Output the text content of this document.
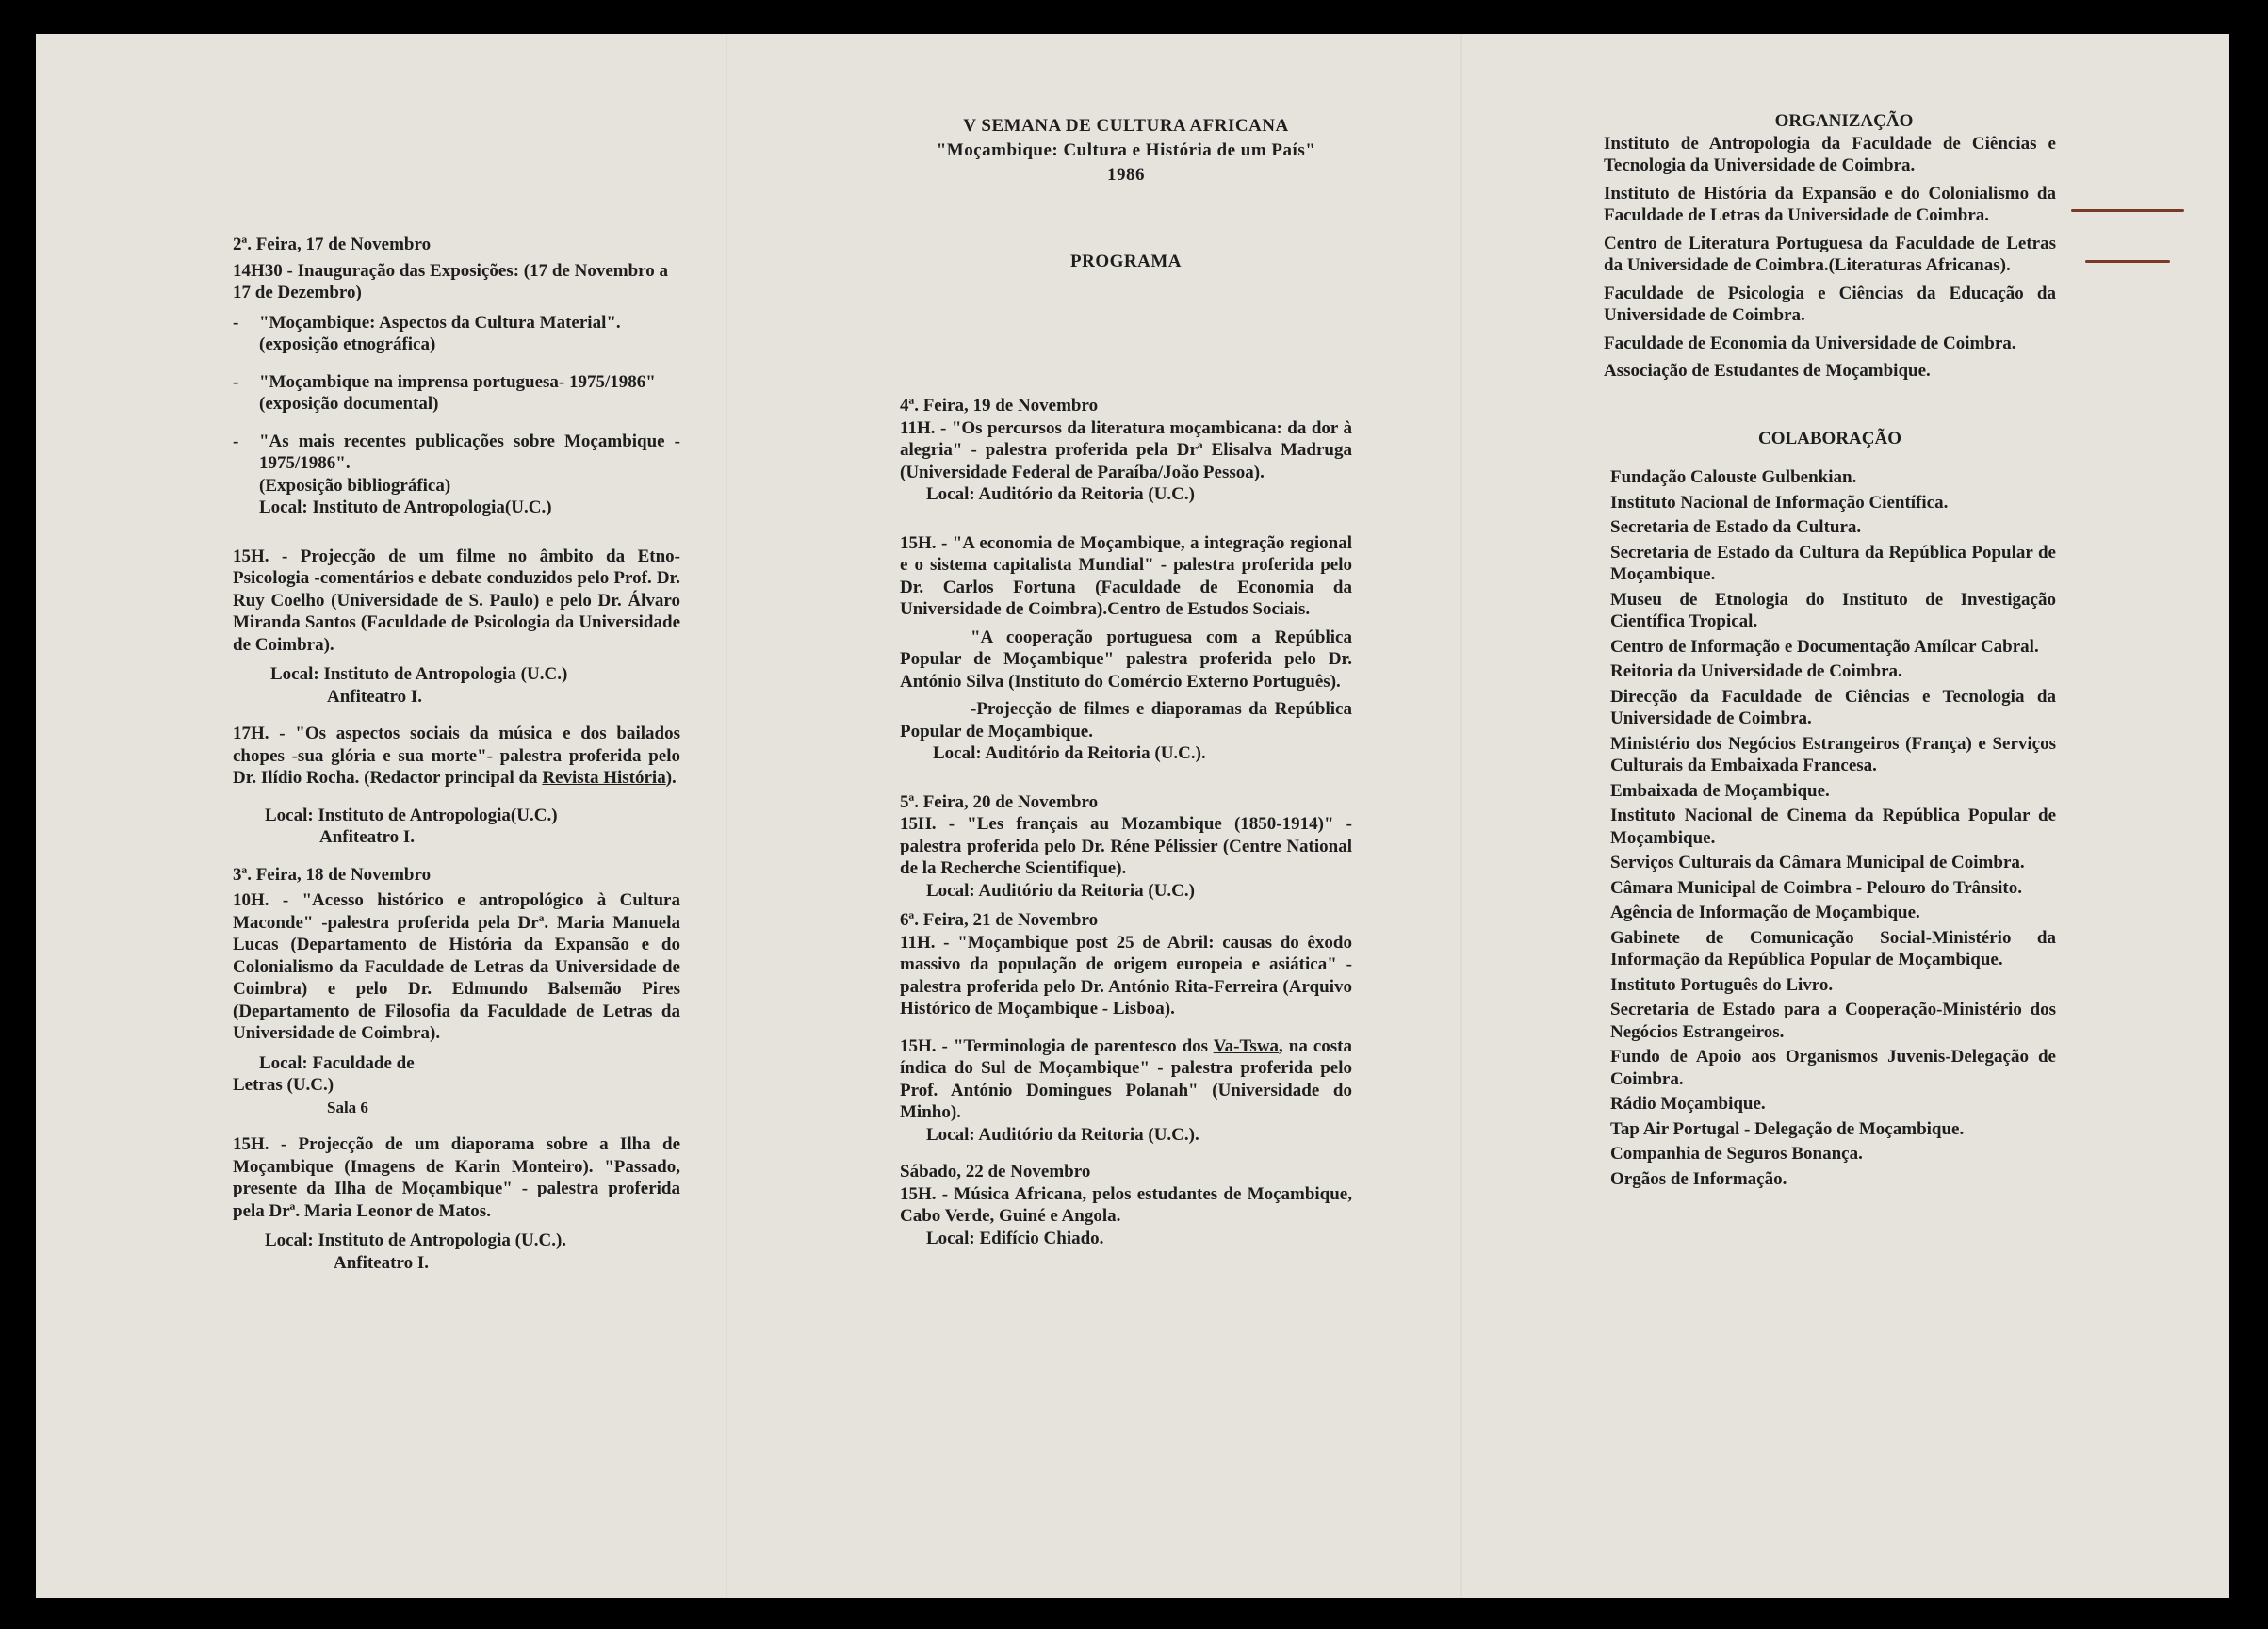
2ª. Feira, 17 de Novembro
14H30 - Inauguração das Exposições: (17 de Novembro a 17 de Dezembro)
-	"Moçambique: Aspectos da Cultura Material".
(exposição etnográfica)
-	"Moçambique na imprensa portuguesa- 1975/1986"
(exposição documental)
-	"As mais recentes publicações sobre Moçambique - 1975/1986".
(Exposição bibliográfica)
Local: Instituto de Antropologia(U.C.)
15H. - Projecção de um filme no âmbito da Etno-Psicologia -comentários e debate conduzidos pelo Prof. Dr. Ruy Coelho (Universidade de S. Paulo) e pelo Dr. Álvaro Miranda Santos (Faculdade de Psicologia da Universidade de Coimbra).
Local: Instituto de Antropologia (U.C.)
Anfiteatro I.
17H. - "Os aspectos sociais da música e dos bailados chopes -sua glória e sua morte"- palestra proferida pelo Dr. Ilídio Rocha. (Redactor principal da Revista História).
Local: Instituto de Antropologia(U.C.)
Anfiteatro I.
3ª. Feira, 18 de Novembro
10H. - "Acesso histórico e antropológico à Cultura Maconde" -palestra proferida pela Drª. Maria Manuela Lucas (Departamento de História da Expansão e do Colonialismo da Faculdade de Letras da Universidade de Coimbra) e pelo Dr. Edmundo Balsemão Pires (Departamento de Filosofia da Faculdade de Letras da Universidade de Coimbra).
Local: Faculdade de
Letras (U.C.)
Sala 6
15H. - Projecção de um diaporama sobre a Ilha de Moçambique (Imagens de Karin Monteiro). "Passado, presente da Ilha de Moçambique" - palestra proferida pela Drª. Maria Leonor de Matos.
Local: Instituto de Antropologia (U.C.).
Anfiteatro I.
V SEMANA DE CULTURA AFRICANA
"Moçambique: Cultura e História de um País"
1986
PROGRAMA
4ª. Feira, 19 de Novembro
11H. - "Os percursos da literatura moçambicana: da dor à alegria" - palestra proferida pela Drª Elisalva Madruga (Universidade Federal de Paraíba/João Pessoa).
Local: Auditório da Reitoria (U.C.)
15H. - "A economia de Moçambique, a integração regional e o sistema capitalista Mundial" - palestra proferida pelo Dr. Carlos Fortuna (Faculdade de Economia da Universidade de Coimbra).Centro de Estudos Sociais.
"A cooperação portuguesa com a República Popular de Moçambique" palestra proferida pelo Dr. António Silva (Instituto do Comércio Externo Português).
-Projecção de filmes e diaporamas da República Popular de Moçambique.
Local: Auditório da Reitoria (U.C.).
5ª. Feira, 20 de Novembro
15H. - "Les français au Mozambique (1850-1914)" - palestra proferida pelo Dr. Réne Pélissier (Centre National de la Recherche Scientifique).
Local: Auditório da Reitoria (U.C.)
6ª. Feira, 21 de Novembro
11H. - "Moçambique post 25 de Abril: causas do êxodo massivo da população de origem europeia e asiática" - palestra proferida pelo Dr. António Rita-Ferreira (Arquivo Histórico de Moçambique - Lisboa).
15H. - "Terminologia de parentesco dos Va-Tswa, na costa índica do Sul de Moçambique" - palestra proferida pelo Prof. António Domingues Polanah" (Universidade do Minho).
Local: Auditório da Reitoria (U.C.).
Sábado, 22 de Novembro
15H. - Música Africana, pelos estudantes de Moçambique, Cabo Verde, Guiné e Angola.
Local: Edifício Chiado.
ORGANIZAÇÃO
Instituto de Antropologia da Faculdade de Ciências e Tecnologia da Universidade de Coimbra.
Instituto de História da Expansão e do Colonialismo da Faculdade de Letras da Universidade de Coimbra.
Centro de Literatura Portuguesa da Faculdade de Letras da Universidade de Coimbra.(Literaturas Africanas).
Faculdade de Psicologia e Ciências da Educação da Universidade de Coimbra.
Faculdade de Economia da Universidade de Coimbra.
Associação de Estudantes de Moçambique.
COLABORAÇÃO
Fundação Calouste Gulbenkian.
Instituto Nacional de Informação Científica.
Secretaria de Estado da Cultura.
Secretaria de Estado da Cultura da República Popular de Moçambique.
Museu de Etnologia do Instituto de Investigação Científica Tropical.
Centro de Informação e Documentação Amílcar Cabral.
Reitoria da Universidade de Coimbra.
Direcção da Faculdade de Ciências e Tecnologia da Universidade de Coimbra.
Ministério dos Negócios Estrangeiros (França) e Serviços Culturais da Embaixada Francesa.
Embaixada de Moçambique.
Instituto Nacional de Cinema da República Popular de Moçambique.
Serviços Culturais da Câmara Municipal de Coimbra.
Câmara Municipal de Coimbra - Pelouro do Trânsito.
Agência de Informação de Moçambique.
Gabinete de Comunicação Social-Ministério da Informação da República Popular de Moçambique.
Instituto Português do Livro.
Secretaria de Estado para a Cooperação-Ministério dos Negócios Estrangeiros.
Fundo de Apoio aos Organismos Juvenis-Delegação de Coimbra.
Rádio Moçambique.
Tap Air Portugal - Delegação de Moçambique.
Companhia de Seguros Bonança.
Orgãos de Informação.
